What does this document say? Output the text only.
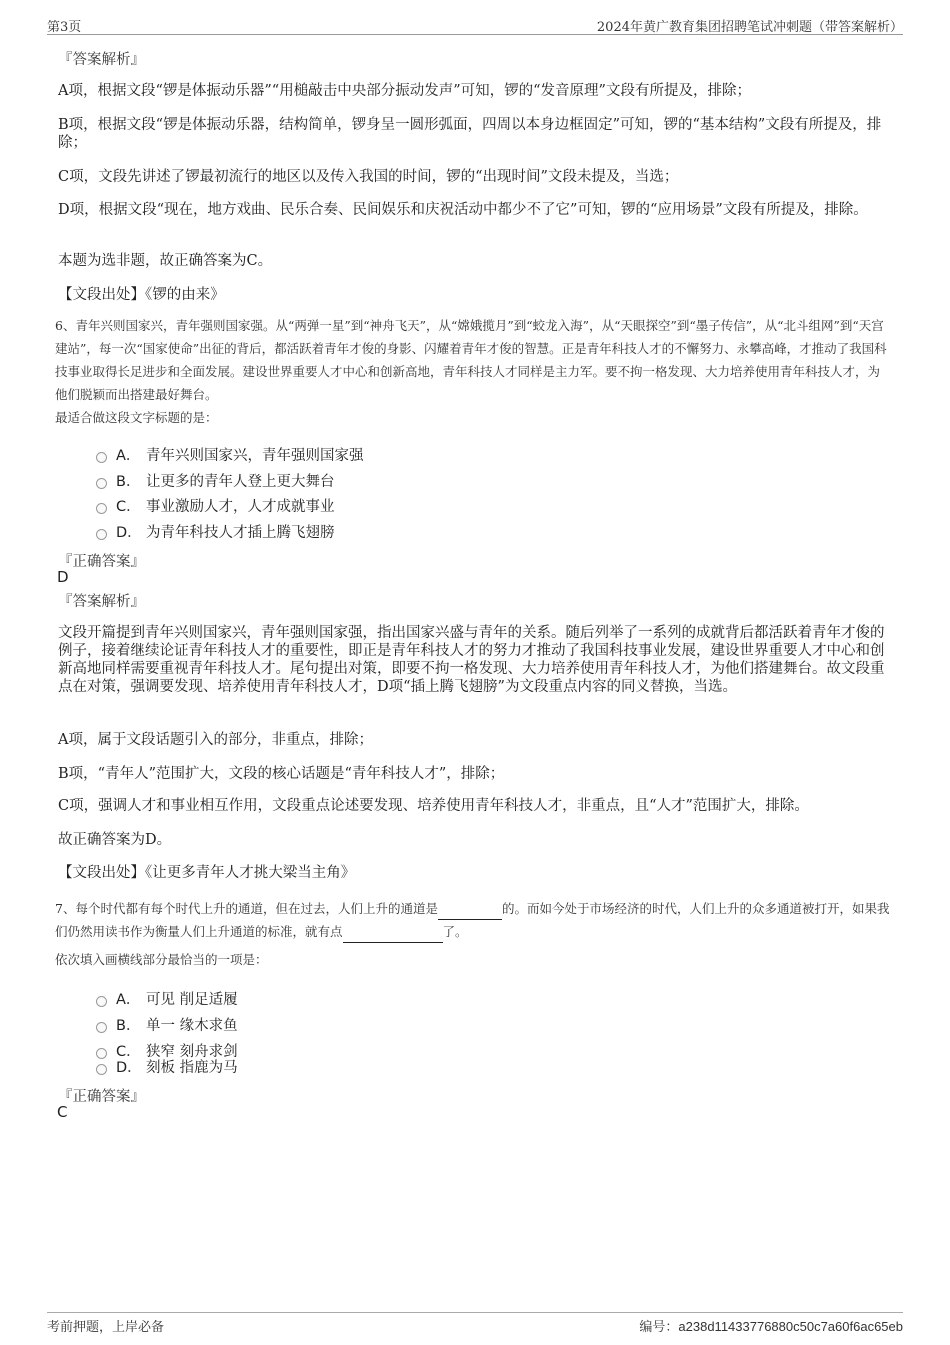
第3页	2024年黄广教育集团招聘笔试冲刺题（带答案解析）
『答案解析』
A项，根据文段“锣是体振动乐器”“用槌敲击中央部分振动发声”可知，锣的“发音原理”文段有所提及，排除；
B项，根据文段“锣是体振动乐器，结构简单，锣身呈一圆形弧面，四周以本身边框固定”可知，锣的“基本结构”文段有所提及，排除；
C项，文段先讲述了锣最初流行的地区以及传入我国的时间，锣的“出现时间”文段未提及，当选；
D项，根据文段“现在，地方戏曲、民乐合奏、民间娱乐和庆祝活动中都少不了它”可知，锣的“应用场景”文段有所提及，排除。
本题为选非题，故正确答案为C。
【文段出处】《锣的由来》
6、青年兴则国家兴，青年强则国家强。从“两弹一星”到“神舟飞天”，从“嫦娥揽月”到“蛟龙入海”，从“天眼探空”到“墨子传信”，从“北斗组网”到“天宫建站”，每一次“国家使命”出征的背后，都活跃着青年才俊的身影、闪耀着青年才俊的智慧。正是青年科技人才的不懈努力、永攀高峰，才推动了我国科技事业取得长足进步和全面发展。建设世界重要人才中心和创新高地，青年科技人才同样是主力军。要不拘一格发现、大力培养使用青年科技人才，为他们脱颖而出搭建最好舞台。
最适合做这段文字标题的是：
A． 青年兴则国家兴，青年强则国家强
B． 让更多的青年人登上更大舞台
C． 事业激励人才，人才成就事业
D． 为青年科技人才插上腾飞翅膀
『正确答案』
D
『答案解析』
文段开篇提到青年兴则国家兴，青年强则国家强，指出国家兴盛与青年的关系。随后列举了一系列的成就背后都活跃着青年才俊的例子，接着继续论证青年科技人才的重要性，即正是青年科技人才的努力才推动了我国科技事业发展，建设世界重要人才中心和创新高地同样需要重视青年科技人才。尾句提出对策，即要不拘一格发现、大力培养使用青年科技人才，为他们搭建舞台。故文段重点在对策，强调要发现、培养使用青年科技人才，D项“插上腾飞翅膀”为文段重点内容的同义替换，当选。
A项，属于文段话题引入的部分，非重点，排除；
B项，“青年人”范围扩大，文段的核心话题是“青年科技人才”，排除；
C项，强调人才和事业相互作用，文段重点论述要发现、培养使用青年科技人才，非重点，且“人才”范围扩大，排除。
故正确答案为D。
【文段出处】《让更多青年人才挑大梁当主角》
7、每个时代都有每个时代上升的通道，但在过去，人们上升的通道是	的。而如今处于市场经济的时代，人们上升的众多通道被打开，如果我们仍然用读书作为衡量人们上升通道的标准，就有点	了。
依次填入画横线部分最恰当的一项是：
A． 可见 削足适履
B． 单一 缘木求鱼
C． 狭窄 刻舟求剑
D． 刻板 指鹿为马
『正确答案』
C
考前押题，上岸必备	编号：a238d11433776880c50c7a60f6ac65eb
